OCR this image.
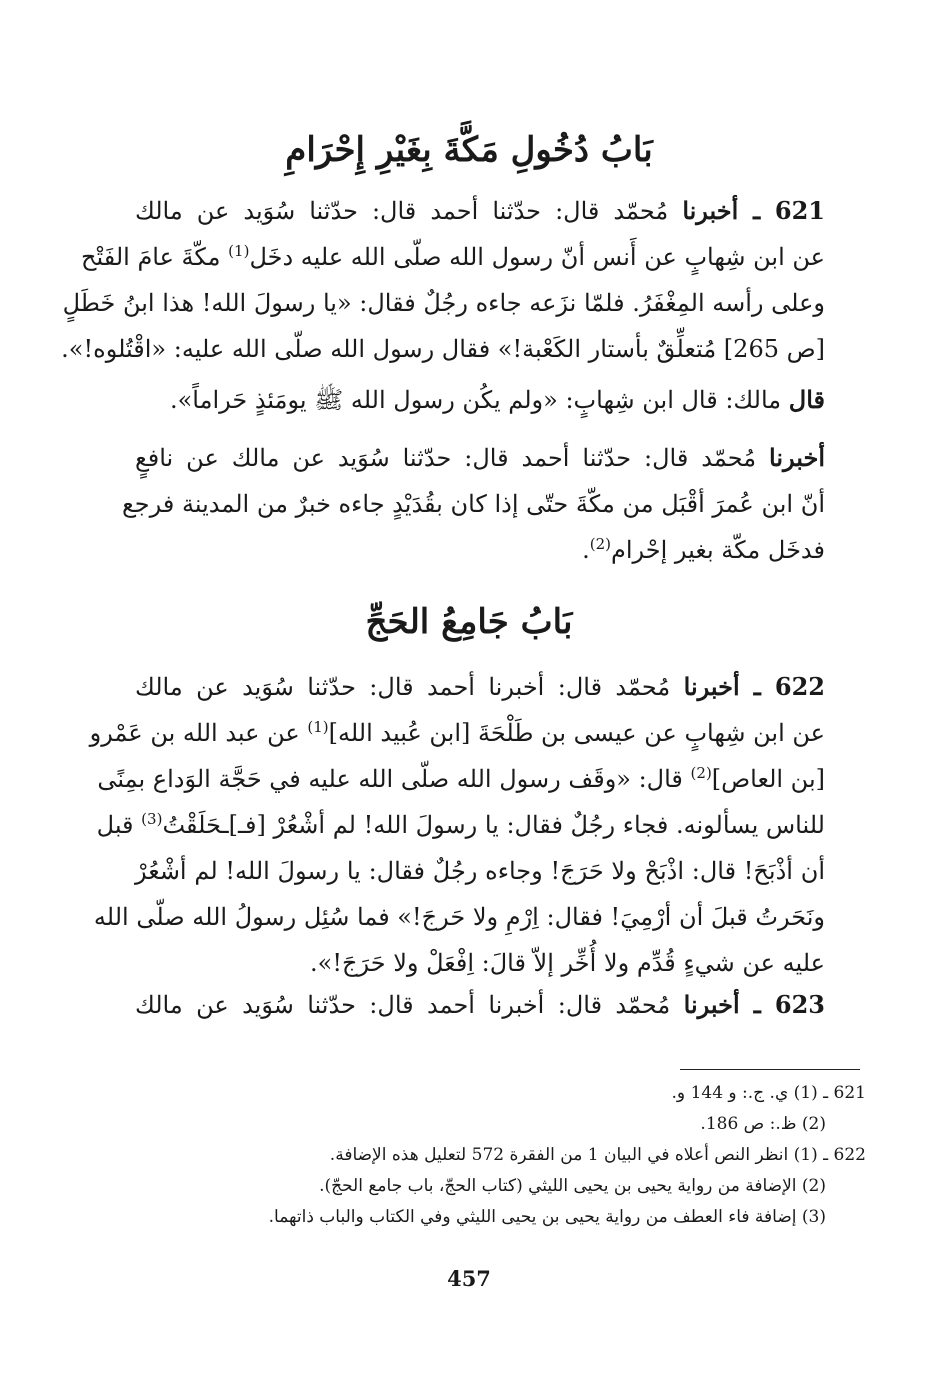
بَابُ دُخُولِ مَكَّةَ بِغَيْرِ إِحْرَامِ
621 ـ أخبرنا مُحمّد قال: حدّثنا أحمد قال: حدّثنا سُوَيد عن مالك
عن ابن شِهابٍ عن أَنس أنّ رسول الله صلّى الله عليه دخَل$^{(1)}$ مكّةَ عامَ الفَتْح
وعلى رأسه المِغْفَرُ. فلمّا نزَعه جاءه رجُلٌ فقال: «يا رسولَ الله! هذا ابنُ خَطَلٍ
[ص 265] مُتعلِّقٌ بأستار الكَعْبة!» فقال رسول الله صلّى الله عليه: «اقْتُلوه!».
قال مالك: قال ابن شِهابٍ: «ولم يكُن رسول الله ﷺ يومَئذٍ حَراماً».
أخبرنا مُحمّد قال: حدّثنا أحمد قال: حدّثنا سُوَيد عن مالك عن نافعٍ
أنّ ابن عُمرَ أقْبَل من مكّةَ حتّى إذا كان بقُدَيْدٍ جاءه خبرٌ من المدينة فرجع
فدخَل مكّة بغير إحْرام$^{(2)}$.
بَابُ جَامِعُ الحَجِّ
622 ـ أخبرنا مُحمّد قال: أخبرنا أحمد قال: حدّثنا سُوَيد عن مالك
عن ابن شِهابٍ عن عيسى بن طَلْحَةَ [ابن عُبيد الله]$^{(1)}$ عن عبد الله بن عَمْرو
[بن العاص]$^{(2)}$ قال: «وقَف رسول الله صلّى الله عليه في حَجَّة الوَداع بمِنًى
للناس يسألونه. فجاء رجُلٌ فقال: يا رسولَ الله! لم أشْعُرْ [فـ]ـحَلَقْتُ$^{(3)}$ قبل
أن أذْبَحَ! قال: اذْبَحْ ولا حَرَجَ! وجاءه رجُلٌ فقال: يا رسولَ الله! لم أشْعُرْ
ونَحَرتُ قبلَ أن أرْمِيَ! فقال: اِرْمِ ولا حَرجَ!» فما سُئِل رسولُ الله صلّى الله
عليه عن شيءٍ قُدِّم ولا أُخِّر إلاّ قالَ: اِفْعَلْ ولا حَرَجَ!».
623 ـ أخبرنا مُحمّد قال: أخبرنا أحمد قال: حدّثنا سُوَيد عن مالك
621 ـ (1) ي. ج.: و 144 و.
(2) ظ.: ص 186.
622 ـ (1) انظر النص أعلاه في البيان 1 من الفقرة 572 لتعليل هذه الإضافة.
(2) الإضافة من رواية يحيى بن يحيى الليثي (كتاب الحجّ، باب جامع الحجّ).
(3) إضافة فاء العطف من رواية يحيى بن يحيى الليثي وفي الكتاب والباب ذاتهما.
457
